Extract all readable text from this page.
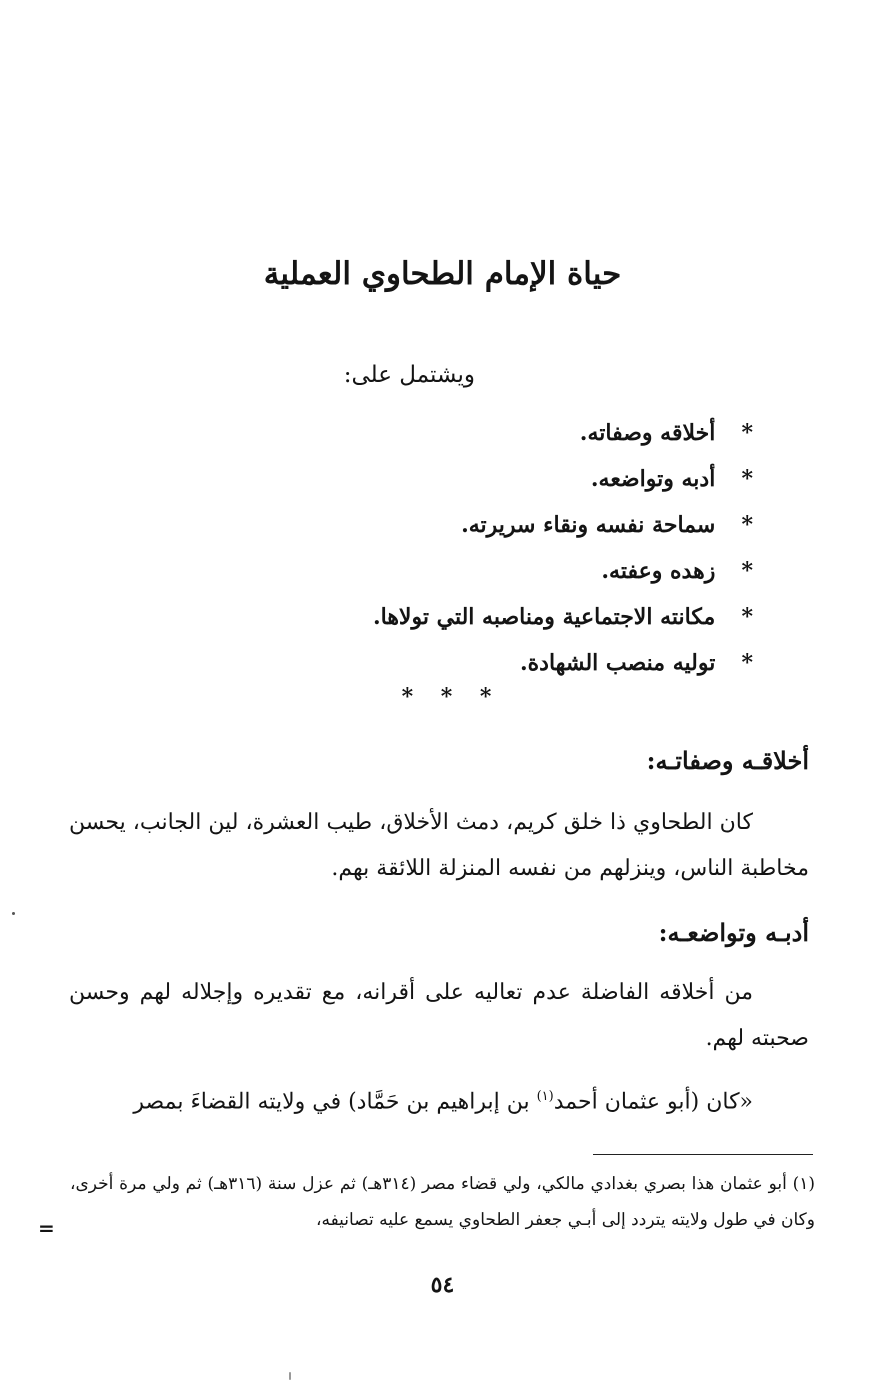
حياة الإمام الطحاوي العملية
ويشتمل على:
* أخلاقه وصفاته.
* أدبه وتواضعه.
* سماحة نفسه ونقاء سريرته.
* زهده وعفته.
* مكانته الاجتماعية ومناصبه التي تولاها.
* توليه منصب الشهادة.
* * *
أخلاقـه وصفاتـه:
كان الطحاوي ذا خلق كريم، دمث الأخلاق، طيب العشرة، لين الجانب، يحسن مخاطبة الناس، وينزلهم من نفسه المنزلة اللائقة بهم.
أدبـه وتواضعـه:
من أخلاقه الفاضلة عدم تعاليه على أقرانه، مع تقديره وإجلاله لهم وحسن صحبته لهم.
«كان (أبو عثمان أحمد$^{(١)}$ بن إبراهيم بن حَمَّاد) في ولايته القضاءَ بمصر
(١) أبو عثمان هذا بصري بغدادي مالكي، ولي قضاء مصر (٣١٤هـ) ثم عزل سنة (٣١٦هـ) ثم ولي مرة أخرى، وكان في طول ولايته يتردد إلى أبـي جعفر الطحاوي يسمع عليه تصانيفه،
=
٥٤
